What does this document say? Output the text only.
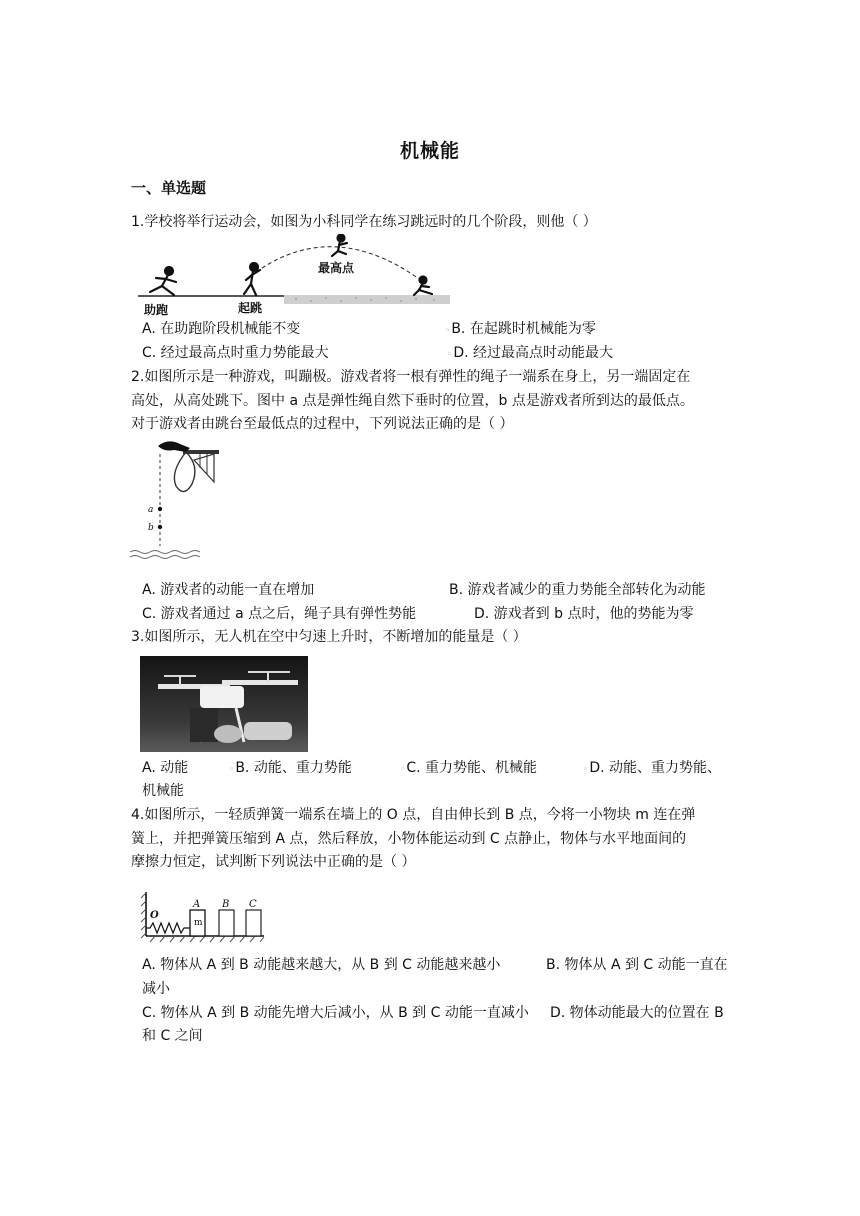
机械能
一、单选题
1.学校将举行运动会，如图为小科同学在练习跳远时的几个阶段，则他（ ）
助跑	起跳
最高点
A. 在助跑阶段机械能不变	◦B. 在起跳时机械能为零
C. 经过最高点时重力势能最大	◦D. 经过最高点时动能最大
2.如图所示是一种游戏，叫蹦极。游戏者将一根有弹性的绳子一端系在身上，另一端固定在
高处，从高处跳下。图中 a 点是弹性绳自然下垂时的位置，b 点是游戏者所到达的最低点。
对于游戏者由跳台至最低点的过程中，下列说法正确的是（ ）
a
b
A. 游戏者的动能一直在增加	B. 游戏者减少的重力势能全部转化为动能
C. 游戏者通过 a 点之后，绳子具有弹性势能	D. 游戏者到 b 点时，他的势能为零
3.如图所示，无人机在空中匀速上升时，不断增加的能量是（ ）
A. 动能	◦B. 动能、重力势能	◦C. 重力势能、机械能	◦D. 动能、重力势能、
机械能
4.如图所示，一轻质弹簧一端系在墙上的 O 点，自由伸长到 B 点，今将一小物块 m 连在弹
簧上，并把弹簧压缩到 A 点，然后释放，小物体能运动到 C 点静止，物体与水平地面间的
摩擦力恒定，试判断下列说法中正确的是（ ）
O
A B C
m
A. 物体从 A 到 B 动能越来越大，从 B 到 C 动能越来越小	B. 物体从 A 到 C 动能一直在
减小
C. 物体从 A 到 B 动能先增大后减小，从 B 到 C 动能一直减小 D. 物体动能最大的位置在 B
和 C 之间
